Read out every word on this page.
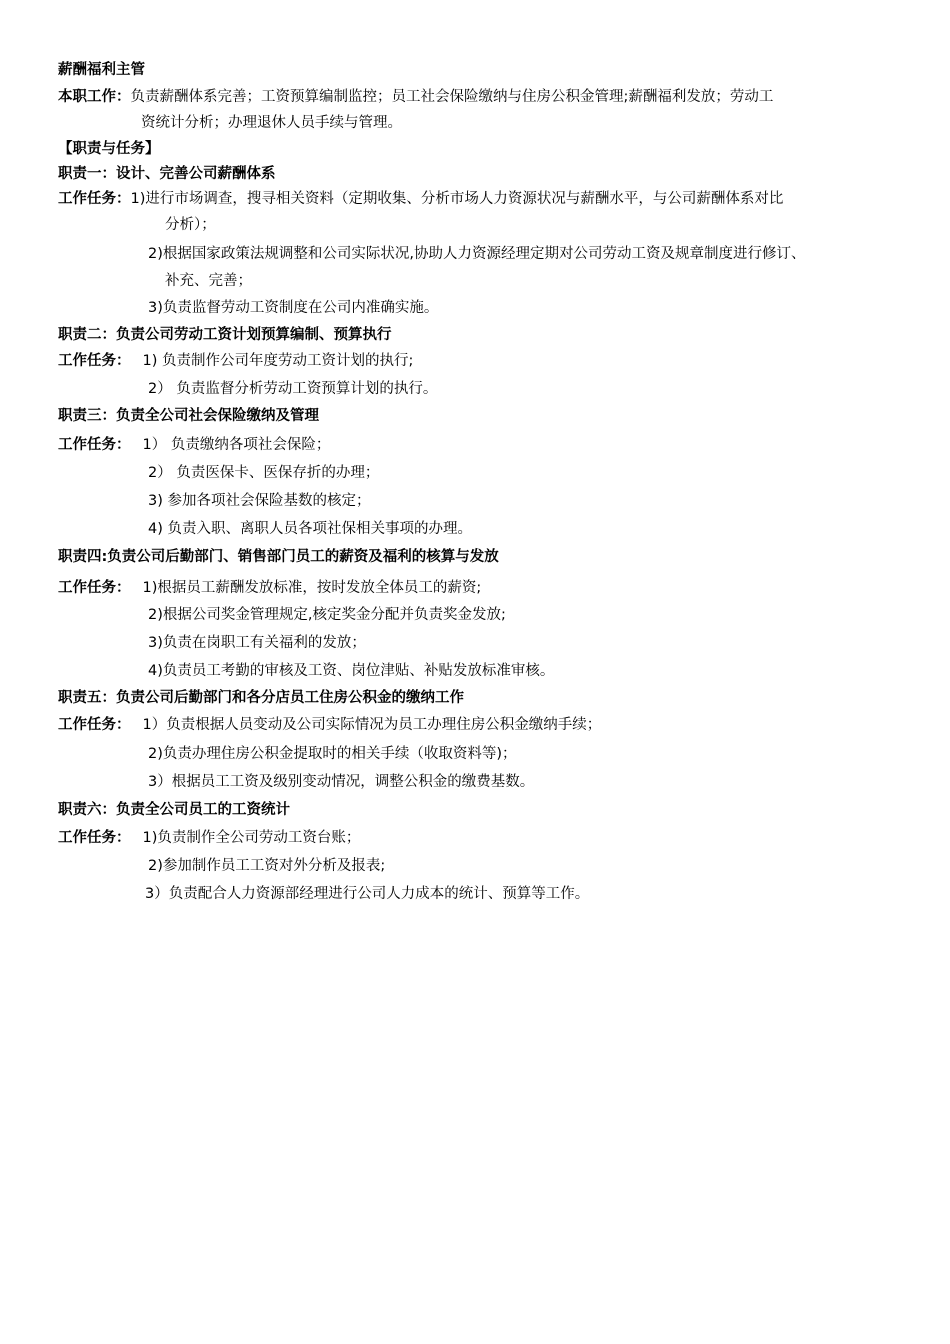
薪酬福利主管
本职工作：负责薪酬体系完善；工资预算编制监控；员工社会保险缴纳与住房公积金管理;薪酬福利发放；劳动工
资统计分析；办理退休人员手续与管理。
【职责与任务】
职责一：设计、完善公司薪酬体系
工作任务：1)进行市场调查，搜寻相关资料（定期收集、分析市场人力资源状况与薪酬水平，与公司薪酬体系对比
分析）；
2)根据国家政策法规调整和公司实际状况,协助人力资源经理定期对公司劳动工资及规章制度进行修订、
补充、完善；
3)负责监督劳动工资制度在公司内准确实施。
职责二：负责公司劳动工资计划预算编制、预算执行
工作任务： 1) 负责制作公司年度劳动工资计划的执行;
2） 负责监督分析劳动工资预算计划的执行。
职责三：负责全公司社会保险缴纳及管理
工作任务： 1） 负责缴纳各项社会保险；
2） 负责医保卡、医保存折的办理；
3) 参加各项社会保险基数的核定；
4) 负责入职、离职人员各项社保相关事项的办理。
职责四:负责公司后勤部门、销售部门员工的薪资及福利的核算与发放
工作任务： 1)根据员工薪酬发放标准，按时发放全体员工的薪资;
2)根据公司奖金管理规定,核定奖金分配并负责奖金发放;
3)负责在岗职工有关福利的发放；
4)负责员工考勤的审核及工资、岗位津贴、补贴发放标准审核。
职责五：负责公司后勤部门和各分店员工住房公积金的缴纳工作
工作任务： 1）负责根据人员变动及公司实际情况为员工办理住房公积金缴纳手续；
2)负责办理住房公积金提取时的相关手续（收取资料等)；
3）根据员工工资及级别变动情况，调整公积金的缴费基数。
职责六：负责全公司员工的工资统计
工作任务： 1)负责制作全公司劳动工资台账；
2)参加制作员工工资对外分析及报表;
3）负责配合人力资源部经理进行公司人力成本的统计、预算等工作。
